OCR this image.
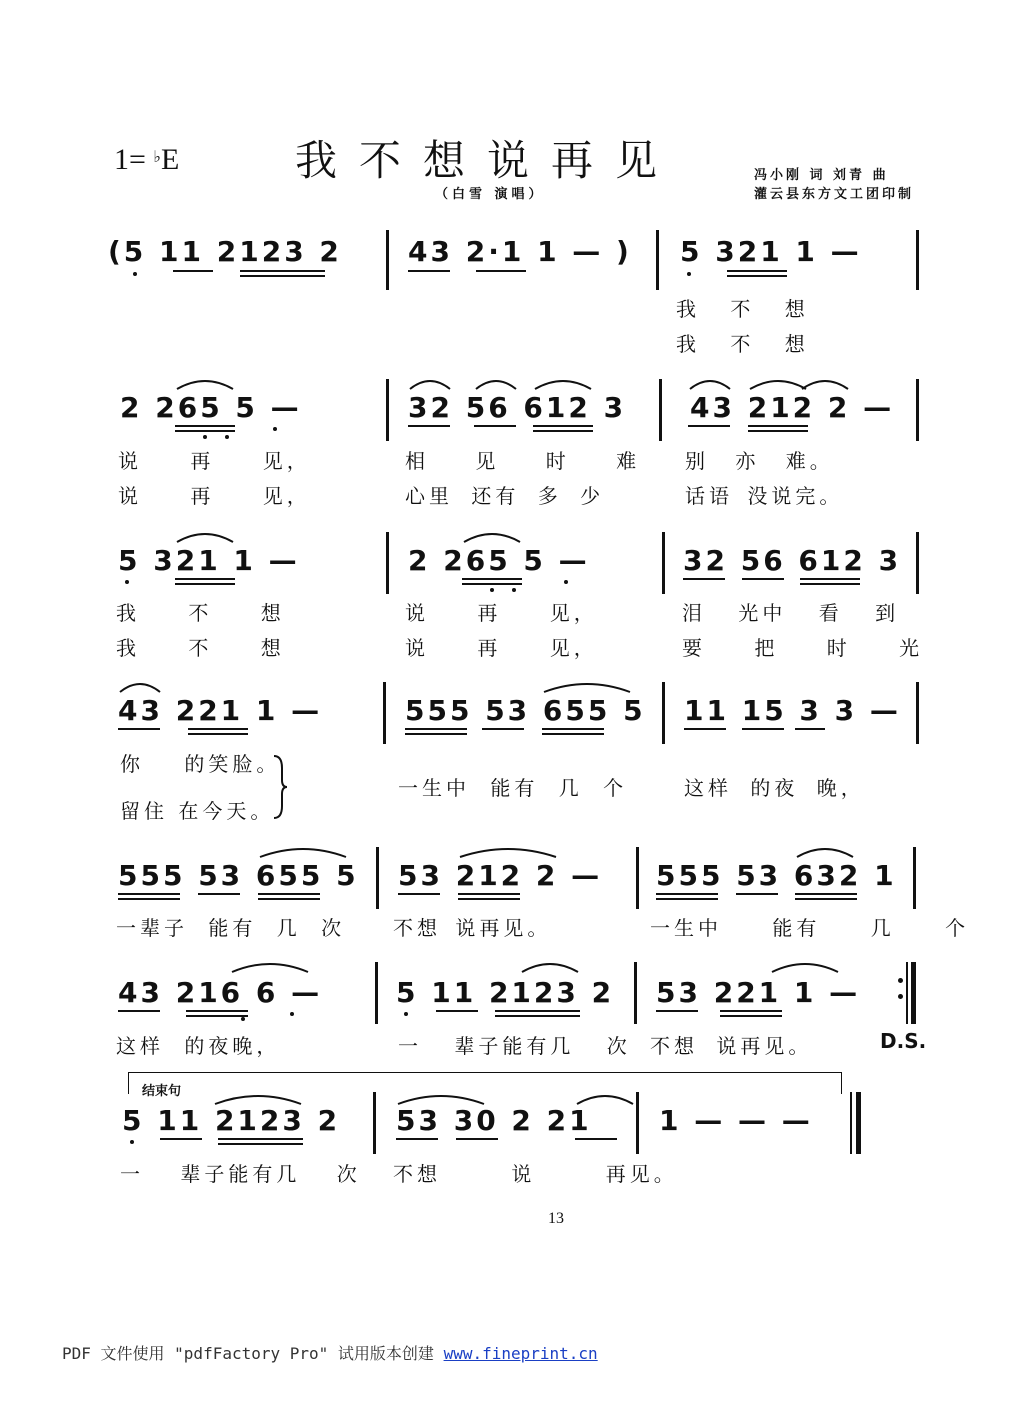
1= ♭E	我不想说再见	冯小刚 词 刘青 曲
灌云县东方文工团印制
（白雪 演唱）
(5 11 2123 2 43 2·1 1 — ) 5 321 1 —
我 不 想
我 不 想
2 265 5 —	32 56 612 3 43 212 2 —
说 再 见，	相 见 时 难 别 亦 难。
说 再 见，	心里 还有 多 少	话语 没说完。
5 321 1 —	2 265 5 —	32 56 612 3
我 不 想	说 再 见，	泪 光中 看 到
我 不 想	说 再 见，	要 把 时 光
43 221 1 —	555 53 655 5 11 15 3 3 —
你 的笑脸。
留住 在今天。
一生中 能有 几 个	这样 的夜 晚，
555 53 655 5 53 212 2 — 555 53 632 1
一辈子 能有 几 次 不想 说再见。	一生中 能有 几 个
43 216 6 —	5 11 2123 2 53 221 1 —
这样 的夜晚，	一 辈子能有几 次 不想 说再见。	D.S.
结束句
5 11 2123 2 53 30 2 21 1 — — —
一 辈子能有几 次 不想 说 再见。
13
PDF 文件使用 "pdfFactory Pro" 试用版本创建 www.fineprint.cn
